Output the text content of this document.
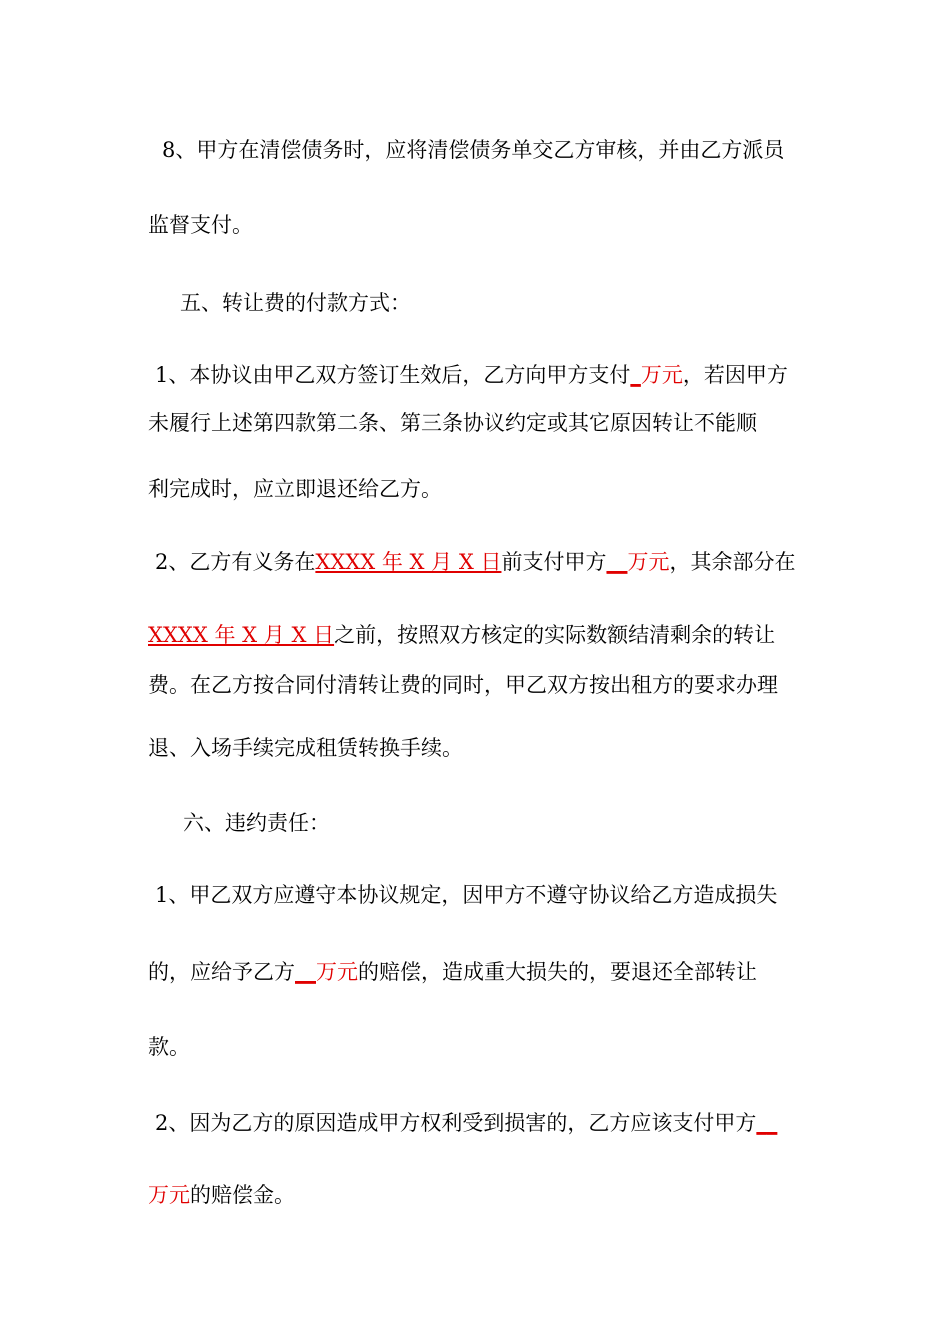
8、甲方在清偿债务时，应将清偿债务单交乙方审核，并由乙方派员
监督支付。
五、转让费的付款方式：
1、本协议由甲乙双方签订生效后，乙方向甲方支付_万元，若因甲方
未履行上述第四款第二条、第三条协议约定或其它原因转让不能顺
利完成时，应立即退还给乙方。
2、乙方有义务在XXXX 年 X 月 X 日前支付甲方__万元，其余部分在
XXXX 年 X 月 X 日之前，按照双方核定的实际数额结清剩余的转让
费。在乙方按合同付清转让费的同时，甲乙双方按出租方的要求办理
退、入场手续完成租赁转换手续。
六、违约责任：
1、甲乙双方应遵守本协议规定，因甲方不遵守协议给乙方造成损失
的，应给予乙方__万元的赔偿，造成重大损失的，要退还全部转让
款。
2、因为乙方的原因造成甲方权利受到损害的，乙方应该支付甲方__
万元的赔偿金。
